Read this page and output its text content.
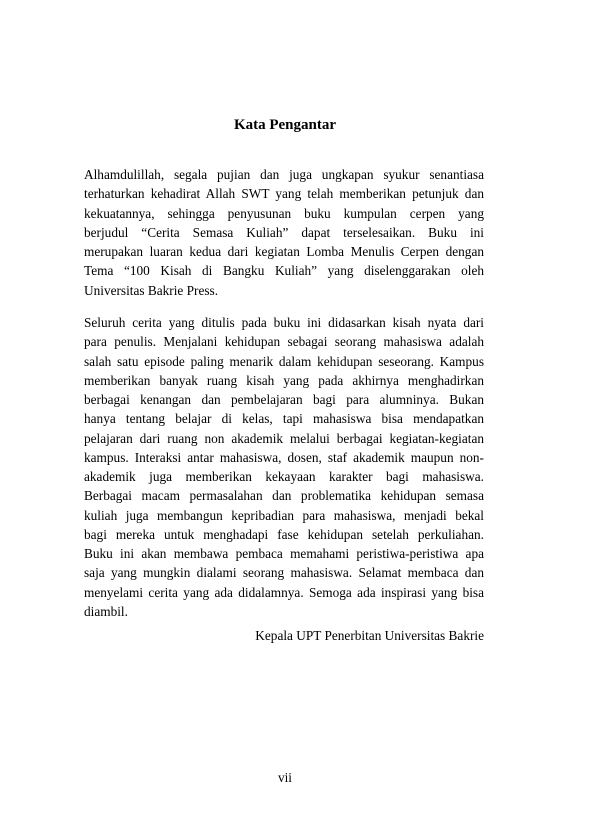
Kata Pengantar

Alhamdulillah, segala pujian dan juga ungkapan syukur senantiasa
terhaturkan kehadirat Allah SWT yang telah memberikan petunjuk dan
kekuatannya, sehingga penyusunan buku kumpulan cerpen yang
berjudul “Cerita Semasa Kuliah” dapat terselesaikan. Buku ini
merupakan luaran kedua dari kegiatan Lomba Menulis Cerpen dengan
Tema “100 Kisah di Bangku Kuliah” yang diselenggarakan oleh
Universitas Bakrie Press.

Seluruh cerita yang ditulis pada buku ini didasarkan kisah nyata dari
para penulis. Menjalani kehidupan sebagai seorang mahasiswa adalah
salah satu episode paling menarik dalam kehidupan seseorang. Kampus
memberikan banyak ruang kisah yang pada akhirnya menghadirkan
berbagai kenangan dan pembelajaran bagi para alumninya. Bukan
hanya tentang belajar di kelas, tapi mahasiswa bisa mendapatkan
pelajaran dari ruang non akademik melalui berbagai kegiatan-kegiatan
kampus. Interaksi antar mahasiswa, dosen, staf akademik maupun non-
akademik juga memberikan kekayaan karakter bagi mahasiswa.
Berbagai macam permasalahan dan problematika kehidupan semasa
kuliah juga membangun kepribadian para mahasiswa, menjadi bekal
bagi mereka untuk menghadapi fase kehidupan setelah perkuliahan.
Buku ini akan membawa pembaca memahami peristiwa-peristiwa apa
saja yang mungkin dialami seorang mahasiswa. Selamat membaca dan
menyelami cerita yang ada didalamnya. Semoga ada inspirasi yang bisa
diambil.

Kepala UPT Penerbitan Universitas Bakrie
vii
